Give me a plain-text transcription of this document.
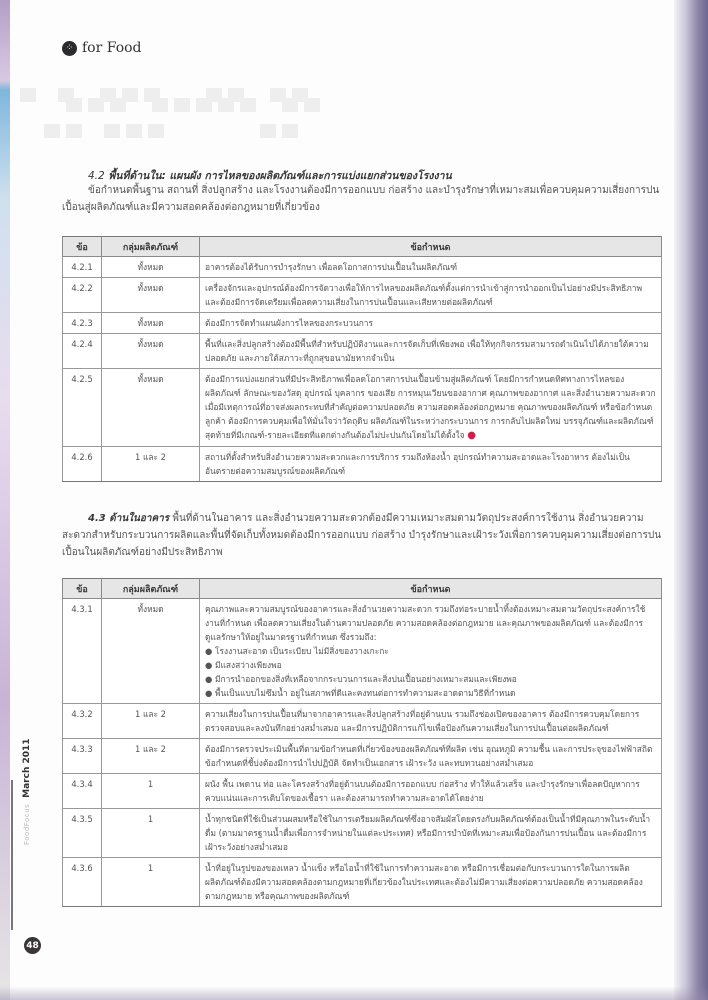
⁘ for Food
4.2 พื้นที่ด้านใน: แผนผัง การไหลของผลิตภัณฑ์และการแบ่งแยกส่วนของโรงงาน
ข้อกำหนดพื้นฐาน สถานที่ สิ่งปลูกสร้าง และโรงงานต้องมีการออกแบบ ก่อสร้าง และบำรุงรักษาที่เหมาะสมเพื่อควบคุมความเสี่ยงการปนเปื้อนสู่ผลิตภัณฑ์และมีความสอดคล้องต่อกฎหมายที่เกี่ยวข้อง
ข้อ	กลุ่มผลิตภัณฑ์	ข้อกำหนด
4.2.1	ทั้งหมด	อาคารต้องได้รับการบำรุงรักษา เพื่อลดโอกาสการปนเปื้อนในผลิตภัณฑ์
4.2.2	ทั้งหมด	เครื่องจักรและอุปกรณ์ต้องมีการจัดวางเพื่อให้การไหลของผลิตภัณฑ์ตั้งแต่การนำเข้าสู่การนำออกเป็นไปอย่างมีประสิทธิภาพ และต้องมีการจัดเตรียมเพื่อลดความเสี่ยงในการปนเปื้อนและเสียหายต่อผลิตภัณฑ์
4.2.3	ทั้งหมด	ต้องมีการจัดทำแผนผังการไหลของกระบวนการ
4.2.4	ทั้งหมด	พื้นที่และสิ่งปลูกสร้างต้องมีพื้นที่สำหรับปฏิบัติงานและการจัดเก็บที่เพียงพอ เพื่อให้ทุกกิจกรรมสามารถดำเนินไปได้ภายใต้ความปลอดภัย และภายใต้สภาวะที่ถูกสุขอนามัยหากจำเป็น
4.2.5	ทั้งหมด	ต้องมีการแบ่งแยกส่วนที่มีประสิทธิภาพเพื่อลดโอกาสการปนเปื้อนข้ามสู่ผลิตภัณฑ์ โดยมีการกำหนดทิศทางการไหลของผลิตภัณฑ์ ลักษณะของวัสดุ อุปกรณ์ บุคลากร ของเสีย การหมุนเวียนของอากาศ คุณภาพของอากาศ และสิ่งอำนวยความสะดวก เมื่อมีเหตุการณ์ที่อาจส่งผลกระทบที่สำคัญต่อความปลอดภัย ความสอดคล้องต่อกฎหมาย คุณภาพของผลิตภัณฑ์ หรือข้อกำหนดลูกค้า ต้องมีการควบคุมเพื่อให้มั่นใจว่าวัตถุดิบ ผลิตภัณฑ์ในระหว่างกระบวนการ การกลับไปผลิตใหม่ บรรจุภัณฑ์และผลิตภัณฑ์สุดท้ายที่มีเกณฑ์-รายละเอียดที่แตกต่างกันต้องไม่ปะปนกันโดยไม่ได้ตั้งใจ ●
4.2.6	1 และ 2	สถานที่ตั้งสำหรับสิ่งอำนวยความสะดวกและการบริการ รวมถึงห้องน้ำ อุปกรณ์ทำความสะอาดและโรงอาหาร ต้องไม่เป็นอันตรายต่อความสมบูรณ์ของผลิตภัณฑ์
4.3 ด้านในอาคาร พื้นที่ด้านในอาคาร และสิ่งอำนวยความสะดวกต้องมีความเหมาะสมตามวัตถุประสงค์การใช้งาน สิ่งอำนวยความสะดวกสำหรับกระบวนการผลิตและพื้นที่จัดเก็บทั้งหมดต้องมีการออกแบบ ก่อสร้าง บำรุงรักษาและเฝ้าระวังเพื่อการควบคุมความเสี่ยงต่อการปนเปื้อนในผลิตภัณฑ์อย่างมีประสิทธิภาพ
ข้อ	กลุ่มผลิตภัณฑ์	ข้อกำหนด
4.3.1	ทั้งหมด	คุณภาพและความสมบูรณ์ของอาคารและสิ่งอำนวยความสะดวก รวมถึงท่อระบายน้ำทิ้งต้องเหมาะสมตามวัตถุประสงค์การใช้งานที่กำหนด เพื่อลดความเสี่ยงในด้านความปลอดภัย ความสอดคล้องต่อกฎหมาย และคุณภาพของผลิตภัณฑ์ และต้องมีการดูแลรักษาให้อยู่ในมาตรฐานที่กำหนด ซึ่งรวมถึง:
● โรงงานสะอาด เป็นระเบียบ ไม่มีสิ่งของวางเกะกะ
● มีแสงสว่างเพียงพอ
● มีการนำออกของสิ่งที่เหลือจากกระบวนการและสิ่งปนเปื้อนอย่างเหมาะสมและเพียงพอ
● พื้นเป็นแบบไม่ซึมน้ำ อยู่ในสภาพที่ดีและคงทนต่อการทำความสะอาดตามวิธีที่กำหนด

4.3.2	1 และ 2	ความเสี่ยงในการปนเปื้อนที่มาจากอาคารและสิ่งปลูกสร้างที่อยู่ด้านบน รวมถึงช่องเปิดของอาคาร ต้องมีการควบคุมโดยการตรวจสอบและลงบันทึกอย่างสม่ำเสมอ และมีการปฏิบัติการแก้ไขเพื่อป้องกันความเสี่ยงในการปนเปื้อนต่อผลิตภัณฑ์
4.3.3	1 และ 2	ต้องมีการตรวจประเมินพื้นที่ตามข้อกำหนดที่เกี่ยวข้องของผลิตภัณฑ์ที่ผลิต เช่น อุณหภูมิ ความชื้น และการประจุของไฟฟ้าสถิต ข้อกำหนดที่ชี้บ่งต้องมีการนำไปปฏิบัติ จัดทำเป็นเอกสาร เฝ้าระวัง และทบทวนอย่างสม่ำเสมอ
4.3.4	1	ผนัง พื้น เพดาน ท่อ และโครงสร้างที่อยู่ด้านบนต้องมีการออกแบบ ก่อสร้าง ทำให้แล้วเสร็จ และบำรุงรักษาเพื่อลดปัญหาการควบแน่นและการเติบโตของเชื้อรา และต้องสามารถทำความสะอาดได้โดยง่าย
4.3.5	1	น้ำทุกชนิดที่ใช้เป็นส่วนผสมหรือใช้ในการเตรียมผลิตภัณฑ์ซึ่งอาจสัมผัสโดยตรงกับผลิตภัณฑ์ต้องเป็นน้ำที่มีคุณภาพในระดับน้ำดื่ม (ตามมาตรฐานน้ำดื่มเพื่อการจำหน่ายในแต่ละประเทศ) หรือมีการบำบัดที่เหมาะสมเพื่อป้องกันการปนเปื้อน และต้องมีการเฝ้าระวังอย่างสม่ำเสมอ
4.3.6	1	น้ำที่อยู่ในรูปของของเหลว น้ำแข็ง หรือไอน้ำที่ใช้ในการทำความสะอาด หรือมีการเชื่อมต่อกับกระบวนการใดในการผลิตผลิตภัณฑ์ต้องมีความสอดคล้องตามกฎหมายที่เกี่ยวข้องในประเทศและต้องไม่มีความเสี่ยงต่อความปลอดภัย ความสอดคล้องตามกฎหมาย หรือคุณภาพของผลิตภัณฑ์
FoodFocus March 2011
48
